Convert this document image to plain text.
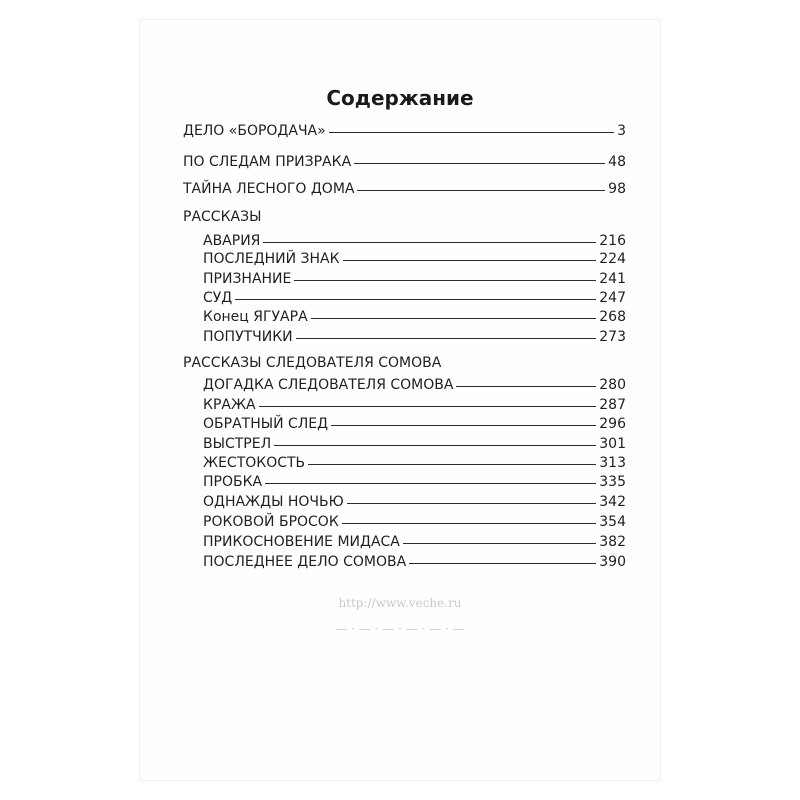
http://www.veche.ru
— · — · — · — · — · —
Содержание
ДЕЛО «БОРОДАЧА»	3
ПО СЛЕДАМ ПРИЗРАКА	48
ТАЙНА ЛЕСНОГО ДОМА	98
РАССКАЗЫ
АВАРИЯ	216
ПОСЛЕДНИЙ ЗНАК	224
ПРИЗНАНИЕ	241
СУД	247
Конец ЯГУАРА	268
ПОПУТЧИКИ	273
РАССКАЗЫ СЛЕДОВАТЕЛЯ СОМОВА
ДОГАДКА СЛЕДОВАТЕЛЯ СОМОВА	280
КРАЖА	287
ОБРАТНЫЙ СЛЕД	296
ВЫСТРЕЛ	301
ЖЕСТОКОСТЬ	313
ПРОБКА	335
ОДНАЖДЫ НОЧЬЮ	342
РОКОВОЙ БРОСОК	354
ПРИКОСНОВЕНИЕ МИДАСА	382
ПОСЛЕДНЕЕ ДЕЛО СОМОВА	390
